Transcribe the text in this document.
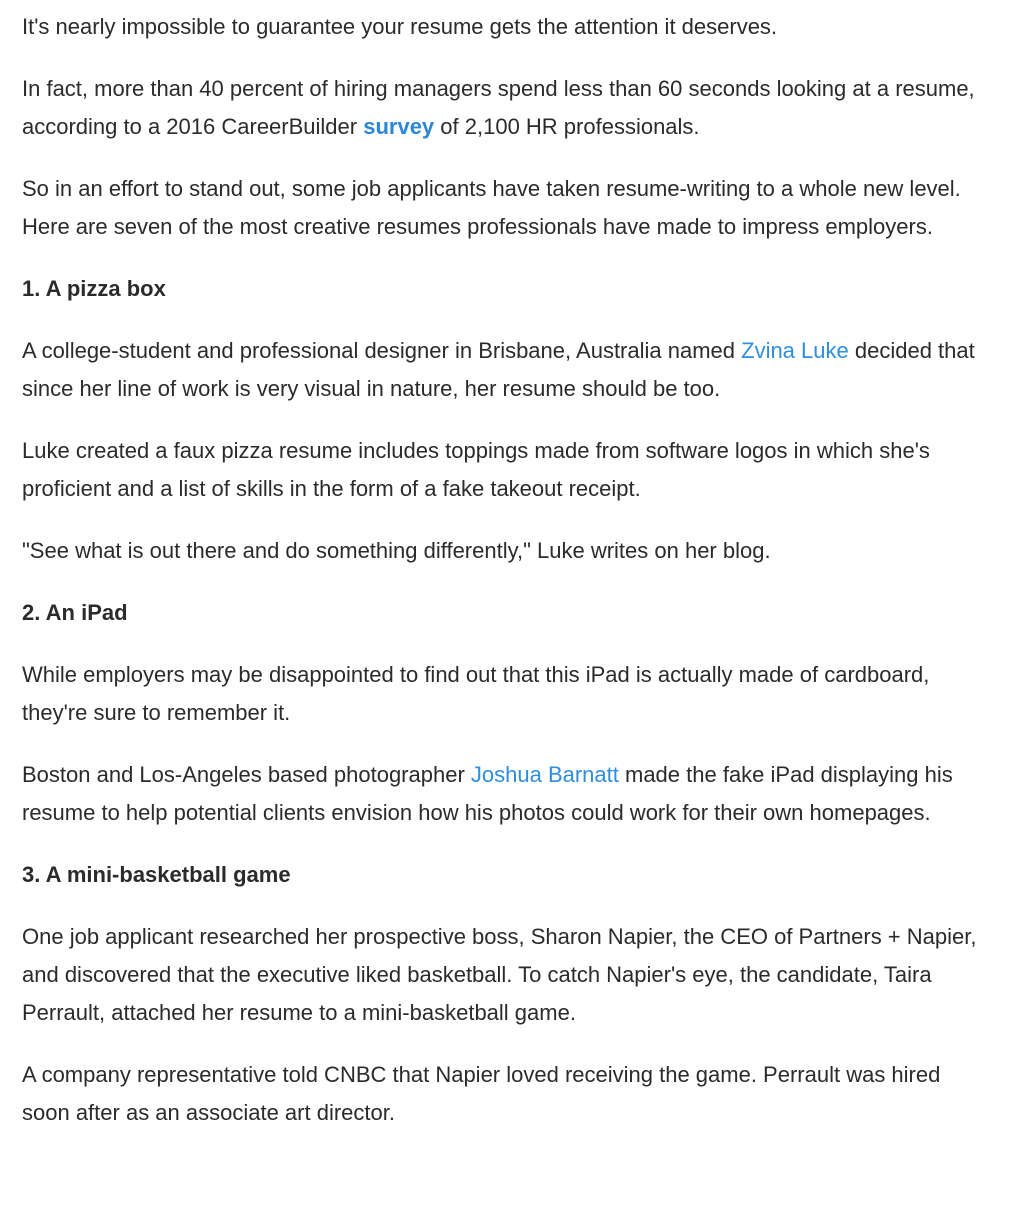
It's nearly impossible to guarantee your resume gets the attention it deserves.

In fact, more than 40 percent of hiring managers spend less than 60 seconds looking at a resume, according to a 2016 CareerBuilder survey of 2,100 HR professionals.

So in an effort to stand out, some job applicants have taken resume-writing to a whole new level. Here are seven of the most creative resumes professionals have made to impress employers.

1. A pizza box

A college-student and professional designer in Brisbane, Australia named Zvina Luke decided that since her line of work is very visual in nature, her resume should be too.

Luke created a faux pizza resume includes toppings made from software logos in which she's proficient and a list of skills in the form of a fake takeout receipt.

"See what is out there and do something differently," Luke writes on her blog.

2. An iPad

While employers may be disappointed to find out that this iPad is actually made of cardboard, they're sure to remember it.

Boston and Los-Angeles based photographer Joshua Barnatt made the fake iPad displaying his resume to help potential clients envision how his photos could work for their own homepages.

3. A mini-basketball game

One job applicant researched her prospective boss, Sharon Napier, the CEO of Partners + Napier, and discovered that the executive liked basketball. To catch Napier's eye, the candidate, Taira Perrault, attached her resume to a mini-basketball game.

A company representative told CNBC that Napier loved receiving the game. Perrault was hired soon after as an associate art director.
